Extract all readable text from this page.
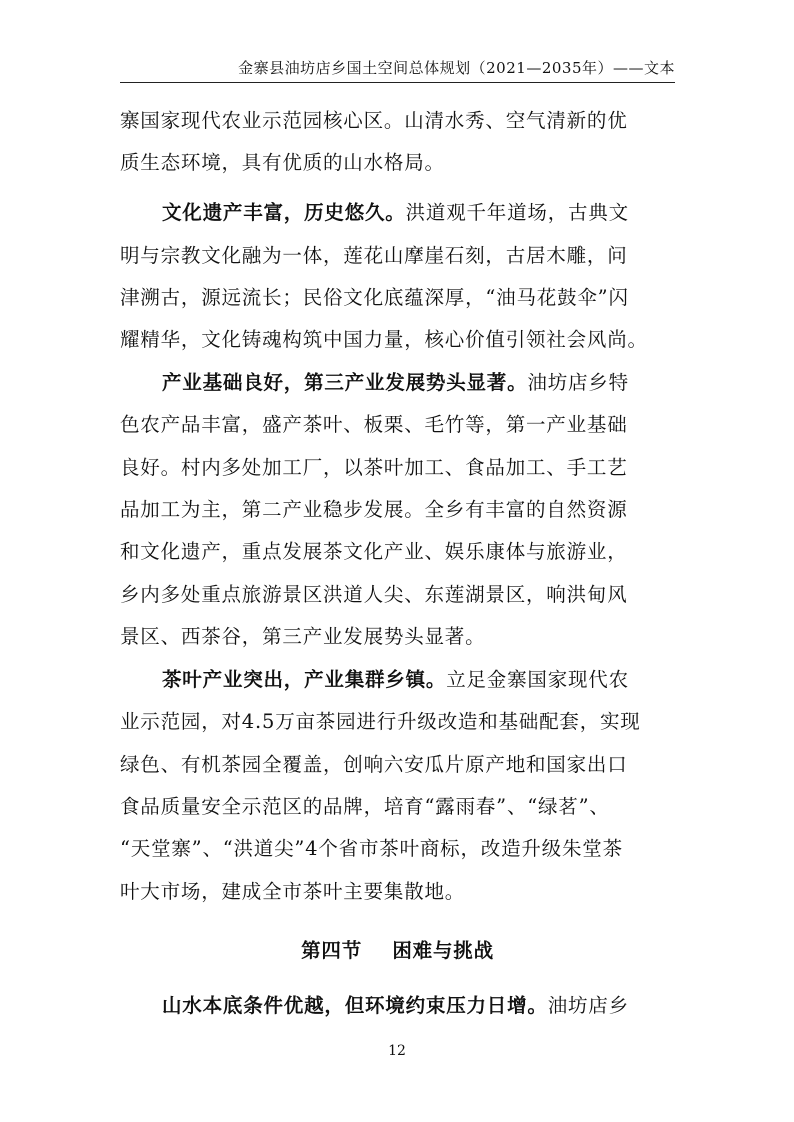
金寨县油坊店乡国土空间总体规划（2021—2035年）——文本
寨国家现代农业示范园核心区。山清水秀、空气清新的优
质生态环境，具有优质的山水格局。
文化遗产丰富，历史悠久。洪道观千年道场，古典文
明与宗教文化融为一体，莲花山摩崖石刻，古居木雕，问
津溯古，源远流长；民俗文化底蕴深厚，“油马花鼓伞”闪
耀精华，文化铸魂构筑中国力量，核心价值引领社会风尚。
产业基础良好，第三产业发展势头显著。油坊店乡特
色农产品丰富，盛产茶叶、板栗、毛竹等，第一产业基础
良好。村内多处加工厂，以茶叶加工、食品加工、手工艺
品加工为主，第二产业稳步发展。全乡有丰富的自然资源
和文化遗产，重点发展茶文化产业、娱乐康体与旅游业，
乡内多处重点旅游景区洪道人尖、东莲湖景区，响洪甸风
景区、西茶谷，第三产业发展势头显著。
茶叶产业突出，产业集群乡镇。立足金寨国家现代农
业示范园，对4.5万亩茶园进行升级改造和基础配套，实现
绿色、有机茶园全覆盖，创响六安瓜片原产地和国家出口
食品质量安全示范区的品牌，培育“露雨春”、“绿茗”、
“天堂寨”、“洪道尖”4个省市茶叶商标，改造升级朱堂茶
叶大市场，建成全市茶叶主要集散地。
第四节    困难与挑战
山水本底条件优越，但环境约束压力日增。油坊店乡
12
